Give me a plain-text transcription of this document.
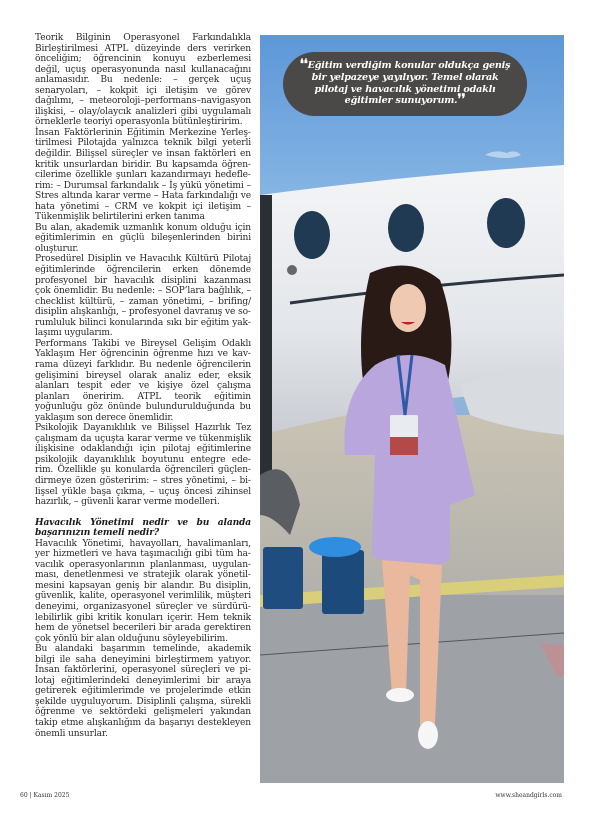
Teorik Bilginin Operasyonel Farkındalıkla Birleştirilmesi ATPL düzeyinde ders verirken önceliğim; öğrencinin konuyu ezberlemesi değil, uçuş operasyonunda nasıl kullanacağını anlamasıdır. Bu nedenle: – gerçek uçuş senaryoları, – kokpit içi iletişim ve görev dağılımı, – meteoroloji–performans–navigasyon ilişkisi, – olay/olaycık analizleri gibi uygulamalı örneklerle teoriyi operasyonla bütünleştiririm.

İnsan Faktörlerinin Eğitimin Merkezine Yerleştirilmesi Pilotajda yalnızca teknik bilgi yeterli değildir. Bilişsel süreçler ve insan faktörleri en kritik unsurlardan biridir. Bu kapsamda öğrencilerime özellikle şunları kazandırmayı hedeflerim: – Durumsal farkındalık – İş yükü yönetimi – Stres altında karar verme – Hata farkındalığı ve hata yönetimi – CRM ve kokpit içi iletişim – Tükenmişlik belirtilerini erken tanıma

Bu alan, akademik uzmanlık konum olduğu için eğitimlerimin en güçlü bileşenlerinden birini oluşturur.

Prosedürel Disiplin ve Havacılık Kültürü Pilotaj eğitimlerinde öğrencilerin erken dönemde profesyonel bir havacılık disiplini kazanması çok önemlidir. Bu nedenle: – SOP’lara bağlılık, – checklist kültürü, – zaman yönetimi, – brifing/ disiplin alışkanlığı, – profesyonel davranış ve sorumluluk bilinci konularında sıkı bir eğitim yaklaşımı uygularım.

Performans Takibi ve Bireysel Gelişim Odaklı Yaklaşım Her öğrencinin öğrenme hızı ve kavrama düzeyi farklıdır. Bu nedenle öğrencilerin gelişimini bireysel olarak analiz eder, eksik alanları tespit eder ve kişiye özel çalışma planları öneririm. ATPL teorik eğitimin yoğunluğu göz önünde bulundurulduğunda bu yaklaşım son derece önemlidir.

Psikolojik Dayanıklılık ve Bilişsel Hazırlık Tez çalışmam da uçuşta karar verme ve tükenmişlik ilişkisine odaklandığı için pilotaj eğitimlerine psikolojik dayanıklılık boyutunu entegre ederim. Özellikle şu konularda öğrencileri güçlendirmeye özen gösteririm: – stres yönetimi, – bilişsel yükle başa çıkma, – uçuş öncesi zihinsel hazırlık, – güvenli karar verme modelleri.

Havacılık Yönetimi nedir ve bu alanda başarınızın temeli nedir?

Havacılık Yönetimi, havayolları, havalimanları, yer hizmetleri ve hava taşımacılığı gibi tüm havacılık operasyonlarının planlanması, uygulanması, denetlenmesi ve stratejik olarak yönetilmesini kapsayan geniş bir alandır. Bu disiplin, güvenlik, kalite, operasyonel verimlilik, müşteri deneyimi, organizasyonel süreçler ve sürdürülebilirlik gibi kritik konuları içerir. Hem teknik hem de yönetsel becerileri bir arada gerektiren çok yönlü bir alan olduğunu söyleyebilirim.

Bu alandaki başarımın temelinde, akademik bilgi ile saha deneyimini birleştirmem yatıyor. İnsan faktörlerini, operasyonel süreçleri ve pilotaj eğitimlerindeki deneyimlerimi bir araya getirerek eğitimlerimde ve projelerimde etkin şekilde uyguluyorum. Disiplinli çalışma, sürekli öğrenme ve sektördeki gelişmeleri yakından takip etme alışkanlığım da başarıyı destekleyen önemli unsurlar.

❛❛Eğitim verdiğim konular oldukça geniş bir yelpazeye yayılıyor. Temel olarak pilotaj ve havacılık yönetimi odaklı eğitimler sunuyorum.❜❜
60 | Kasım 2025	www.sheandgirls.com
